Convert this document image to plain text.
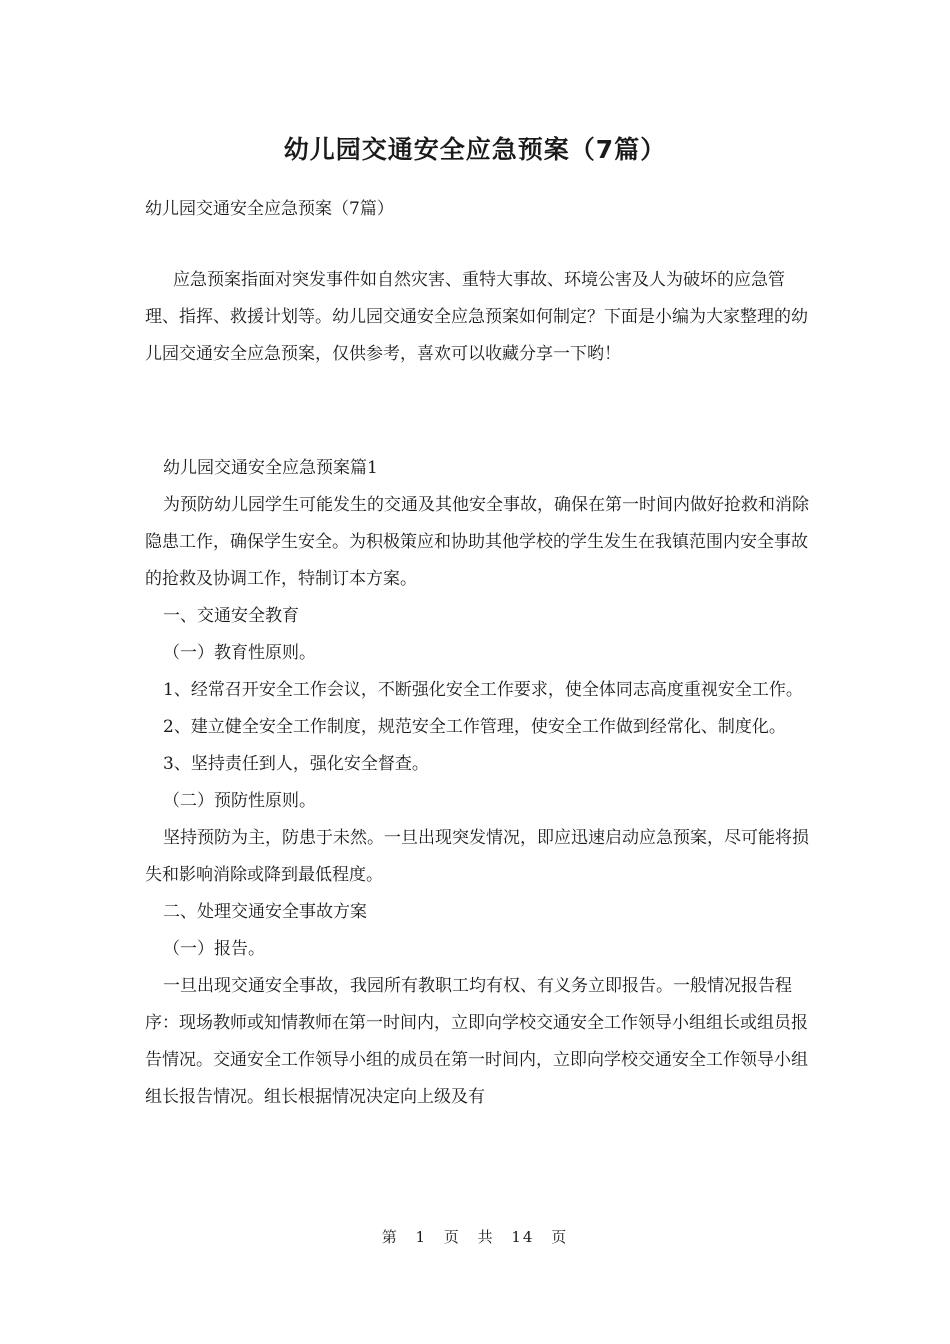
幼儿园交通安全应急预案（7篇）
幼儿园交通安全应急预案（7篇）
应急预案指面对突发事件如自然灾害、重特大事故、环境公害及人为破坏的应急管理、指挥、救援计划等。幼儿园交通安全应急预案如何制定？下面是小编为大家整理的幼儿园交通安全应急预案，仅供参考，喜欢可以收藏分享一下哟！

幼儿园交通安全应急预案篇1

为预防幼儿园学生可能发生的交通及其他安全事故，确保在第一时间内做好抢救和消除隐患工作，确保学生安全。为积极策应和协助其他学校的学生发生在我镇范围内安全事故的抢救及协调工作，特制订本方案。

一、交通安全教育

（一）教育性原则。

1、经常召开安全工作会议，不断强化安全工作要求，使全体同志高度重视安全工作。

2、建立健全安全工作制度，规范安全工作管理，使安全工作做到经常化、制度化。

3、坚持责任到人，强化安全督查。

（二）预防性原则。

坚持预防为主，防患于未然。一旦出现突发情况，即应迅速启动应急预案，尽可能将损失和影响消除或降到最低程度。

二、处理交通安全事故方案

（一）报告。

一旦出现交通安全事故，我园所有教职工均有权、有义务立即报告。一般情况报告程序：现场教师或知情教师在第一时间内，立即向学校交通安全工作领导小组组长或组员报告情况。交通安全工作领导小组的成员在第一时间内，立即向学校交通安全工作领导小组组长报告情况。组长根据情况决定向上级及有

第 1 页 共 14 页
